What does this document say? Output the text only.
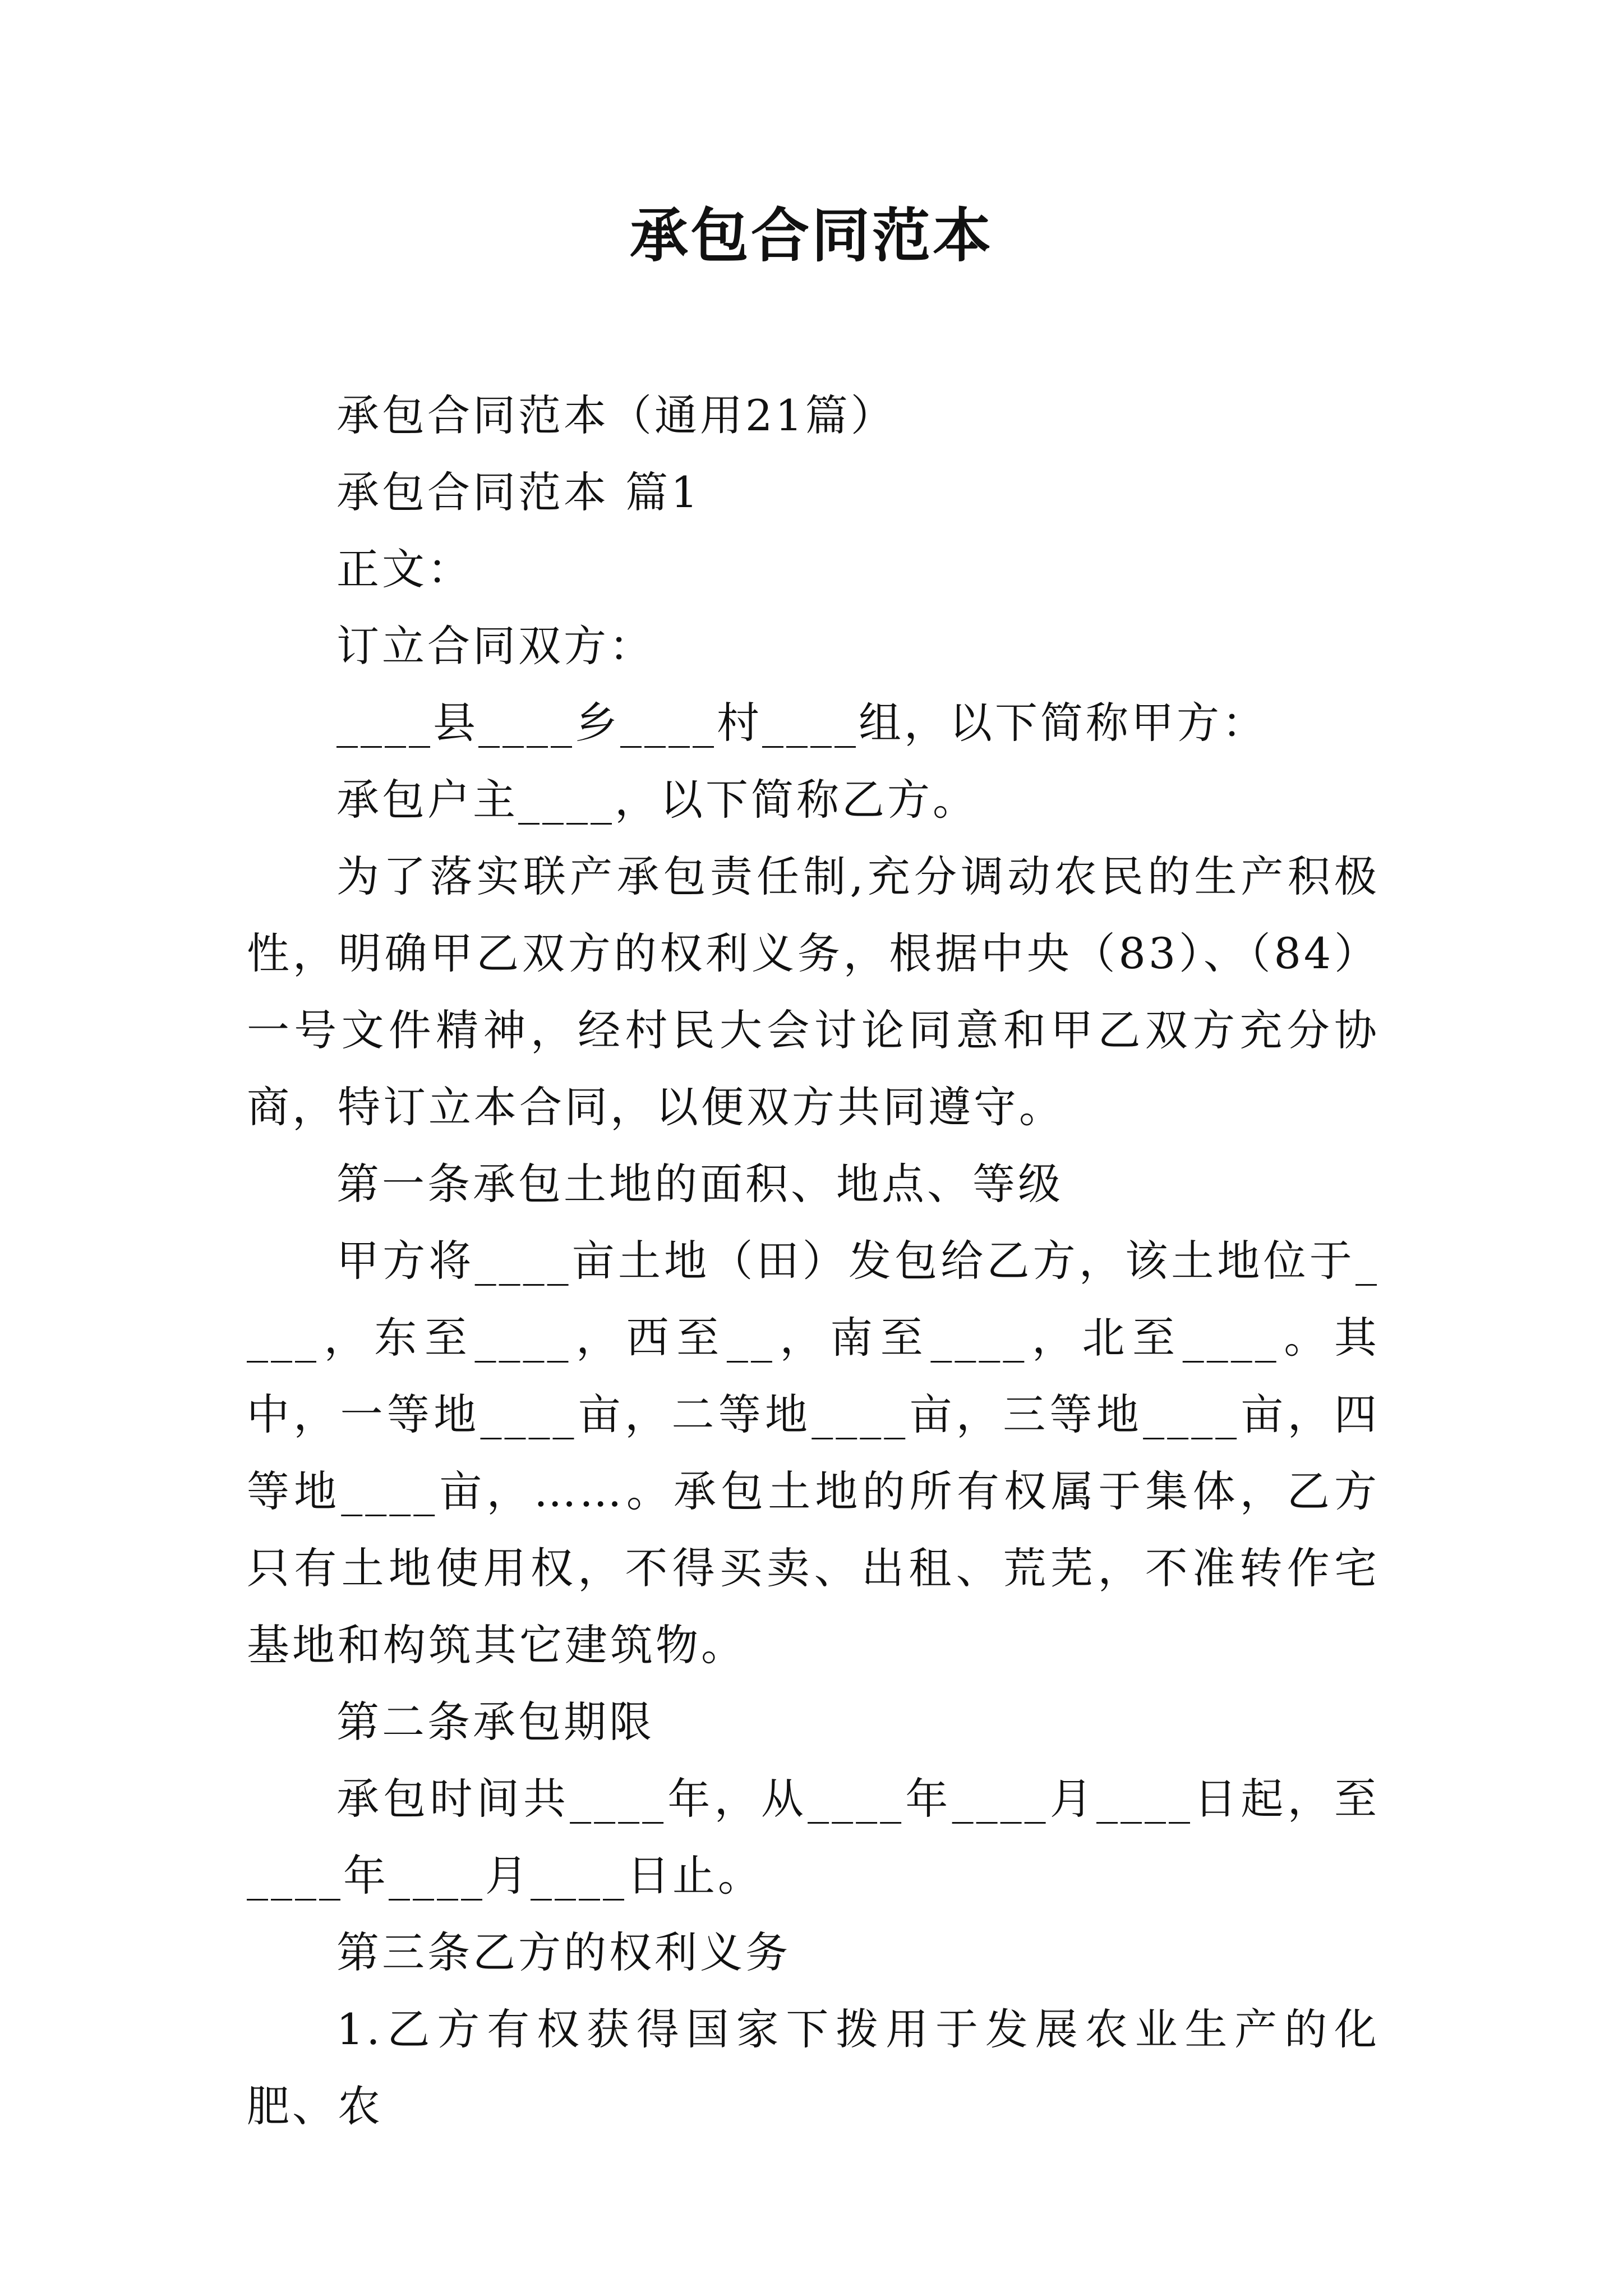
承包合同范本

承包合同范本（通用21篇）

承包合同范本 篇1

正文：

订立合同双方：

____县____乡____村____组，以下简称甲方：

承包户主____，以下简称乙方。

为了落实联产承包责任制,充分调动农民的生产积极性，明确甲乙双方的权利义务，根据中央（83）、（84）一号文件精神，经村民大会讨论同意和甲乙双方充分协商，特订立本合同，以便双方共同遵守。

第一条承包土地的面积、地点、等级

甲方将____亩土地（田）发包给乙方，该土地位于____，东至____，西至__，南至____，北至____。其中，一等地____亩，二等地____亩，三等地____亩，四等地____亩，……。承包土地的所有权属于集体，乙方只有土地使用权，不得买卖、出租、荒芜，不准转作宅基地和构筑其它建筑物。

第二条承包期限

承包时间共____年，从____年____月____日起，至____年____月____日止。

第三条乙方的权利义务

1.乙方有权获得国家下拨用于发展农业生产的化肥、农
